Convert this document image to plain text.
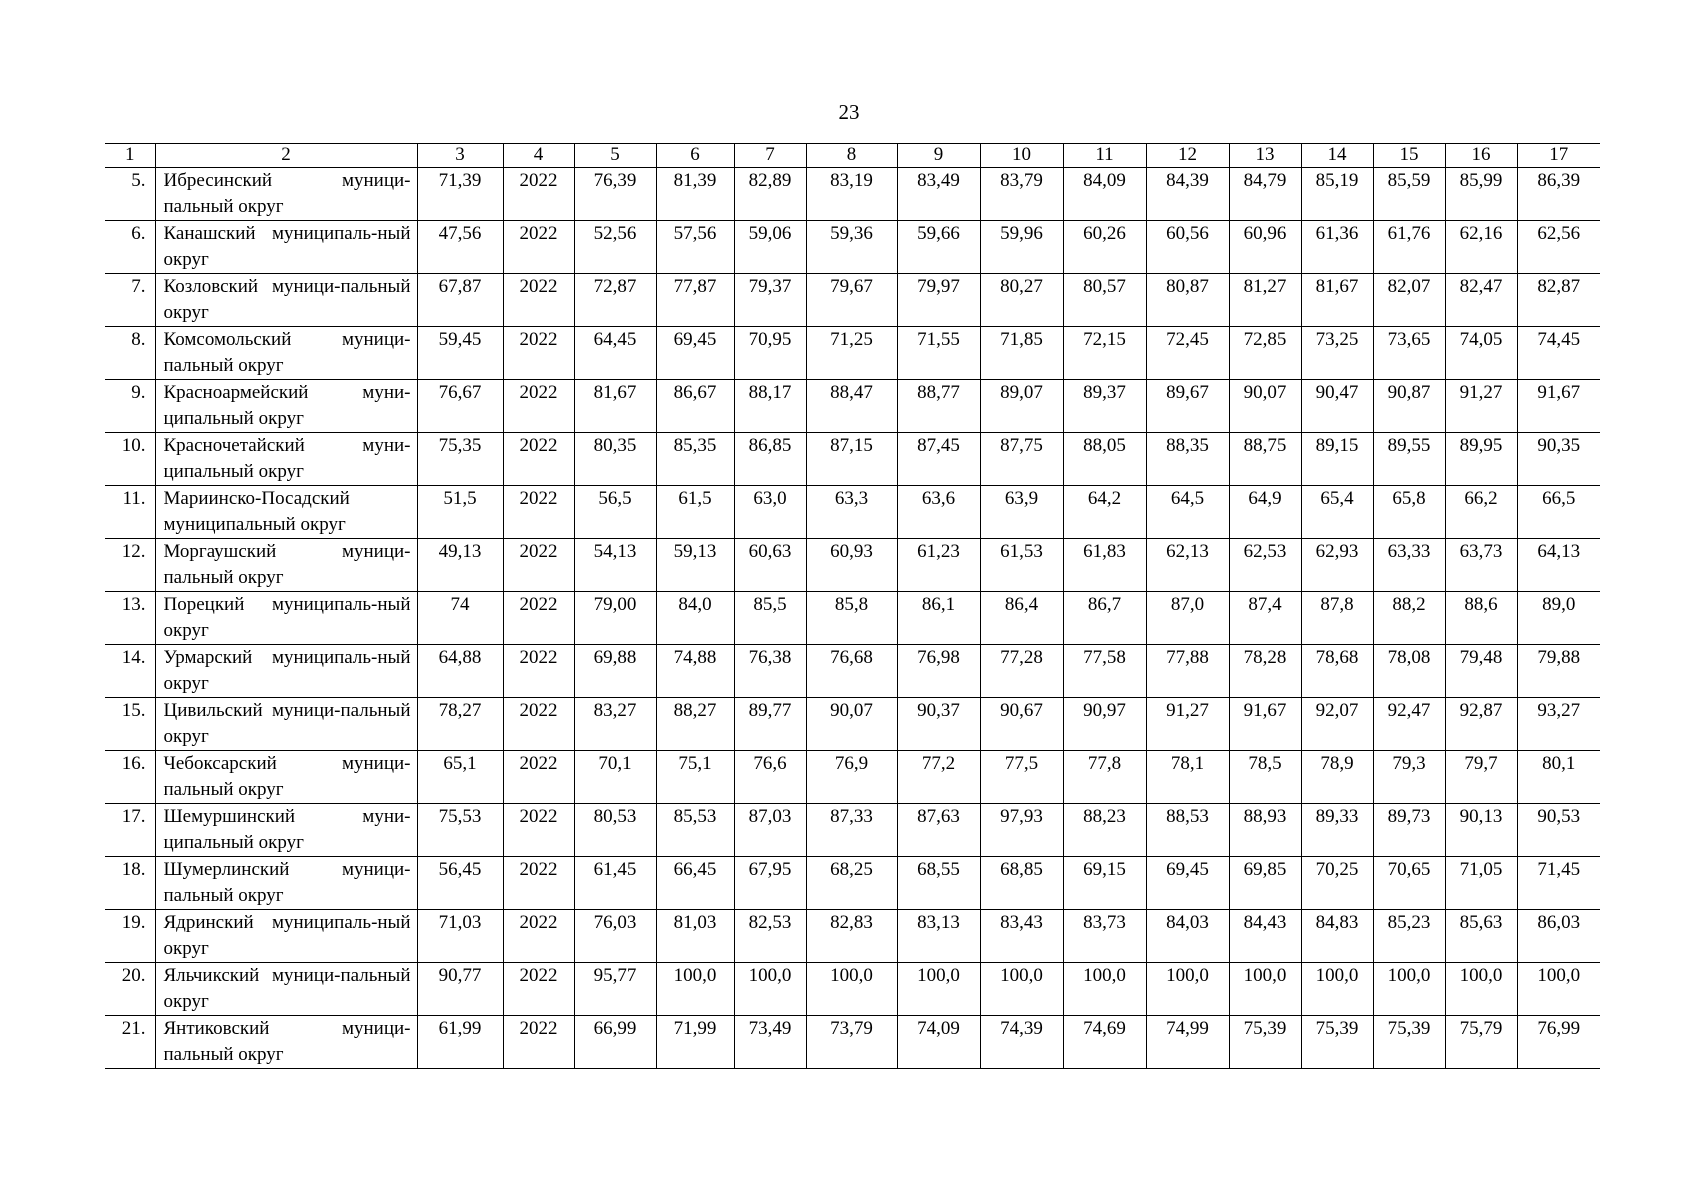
23
1	2	3	4	5	6	7	8	9	10	11	12	13	14	15	16	17
5.	Ибресинский муници-пальный округ	71,39	2022	76,39	81,39	82,89	83,19	83,49	83,79	84,09	84,39	84,79	85,19	85,59	85,99	86,39
6.	Канашский муниципаль-ный округ	47,56	2022	52,56	57,56	59,06	59,36	59,66	59,96	60,26	60,56	60,96	61,36	61,76	62,16	62,56
7.	Козловский муници-пальный округ	67,87	2022	72,87	77,87	79,37	79,67	79,97	80,27	80,57	80,87	81,27	81,67	82,07	82,47	82,87
8.	Комсомольский муници-пальный округ	59,45	2022	64,45	69,45	70,95	71,25	71,55	71,85	72,15	72,45	72,85	73,25	73,65	74,05	74,45
9.	Красноармейский муни-ципальный округ	76,67	2022	81,67	86,67	88,17	88,47	88,77	89,07	89,37	89,67	90,07	90,47	90,87	91,27	91,67
10.	Красночетайский муни-ципальный округ	75,35	2022	80,35	85,35	86,85	87,15	87,45	87,75	88,05	88,35	88,75	89,15	89,55	89,95	90,35
11.	Мариинско-Посадский муниципальный округ	51,5	2022	56,5	61,5	63,0	63,3	63,6	63,9	64,2	64,5	64,9	65,4	65,8	66,2	66,5
12.	Моргаушский муници-пальный округ	49,13	2022	54,13	59,13	60,63	60,93	61,23	61,53	61,83	62,13	62,53	62,93	63,33	63,73	64,13
13.	Порецкий муниципаль-ный округ	74	2022	79,00	84,0	85,5	85,8	86,1	86,4	86,7	87,0	87,4	87,8	88,2	88,6	89,0
14.	Урмарский муниципаль-ный округ	64,88	2022	69,88	74,88	76,38	76,68	76,98	77,28	77,58	77,88	78,28	78,68	78,08	79,48	79,88
15.	Цивильский муници-пальный округ	78,27	2022	83,27	88,27	89,77	90,07	90,37	90,67	90,97	91,27	91,67	92,07	92,47	92,87	93,27
16.	Чебоксарский муници-пальный округ	65,1	2022	70,1	75,1	76,6	76,9	77,2	77,5	77,8	78,1	78,5	78,9	79,3	79,7	80,1
17.	Шемуршинский муни-ципальный округ	75,53	2022	80,53	85,53	87,03	87,33	87,63	97,93	88,23	88,53	88,93	89,33	89,73	90,13	90,53
18.	Шумерлинский муници-пальный округ	56,45	2022	61,45	66,45	67,95	68,25	68,55	68,85	69,15	69,45	69,85	70,25	70,65	71,05	71,45
19.	Ядринский муниципаль-ный округ	71,03	2022	76,03	81,03	82,53	82,83	83,13	83,43	83,73	84,03	84,43	84,83	85,23	85,63	86,03
20.	Яльчикский муници-пальный округ	90,77	2022	95,77	100,0	100,0	100,0	100,0	100,0	100,0	100,0	100,0	100,0	100,0	100,0	100,0
21.	Янтиковский муници-пальный округ	61,99	2022	66,99	71,99	73,49	73,79	74,09	74,39	74,69	74,99	75,39	75,39	75,39	75,79	76,99
